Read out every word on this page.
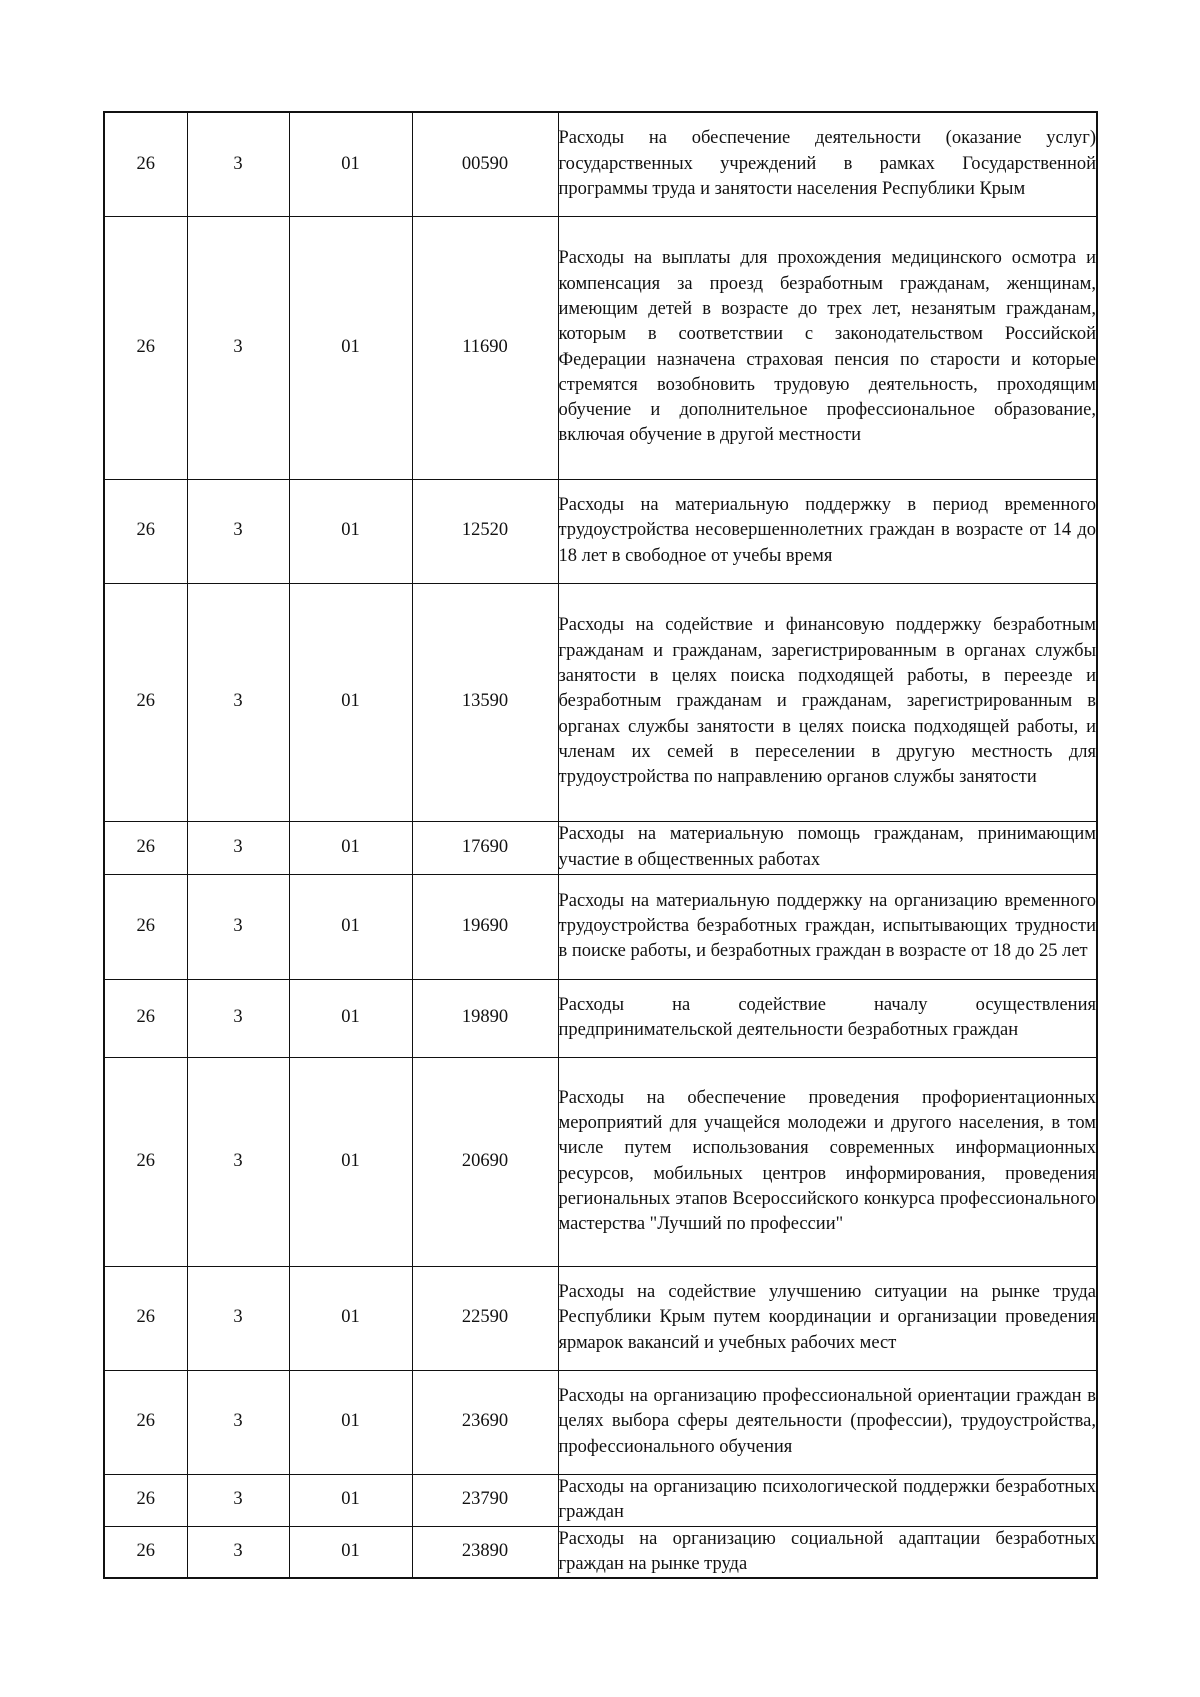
26	3	01	00590	Расходы на обеспечение деятельности (оказание услуг) государственных учреждений в рамках Государственной программы труда и занятости населения Республики Крым
26	3	01	11690	Расходы на выплаты для прохождения медицинского осмотра и компенсация за проезд безработным гражданам, женщинам, имеющим детей в возрасте до трех лет, незанятым гражданам, которым в соответствии с законодательством Российской Федерации назначена страховая пенсия по старости и которые стремятся возобновить трудовую деятельность, проходящим обучение и дополнительное профессиональное образование, включая обучение в другой местности
26	3	01	12520	Расходы на материальную поддержку в период временного трудоустройства несовершеннолетних граждан в возрасте от 14 до 18 лет в свободное от учебы время
26	3	01	13590	Расходы на содействие и финансовую поддержку безработным гражданам и гражданам, зарегистрированным в органах службы занятости в целях поиска подходящей работы, в переезде и безработным гражданам и гражданам, зарегистрированным в органах службы занятости в целях поиска подходящей работы, и членам их семей в переселении в другую местность для трудоустройства по направлению органов службы занятости
26	3	01	17690	Расходы на материальную помощь гражданам, принимающим участие в общественных работах
26	3	01	19690	Расходы на материальную поддержку на организацию временного трудоустройства безработных граждан, испытывающих трудности в поиске работы, и безработных граждан в возрасте от 18 до 25 лет
26	3	01	19890	Расходы на содействие началу осуществления предпринимательской деятельности безработных граждан
26	3	01	20690	Расходы на обеспечение проведения профориентационных мероприятий для учащейся молодежи и другого населения, в том числе путем использования современных информационных ресурсов, мобильных центров информирования, проведения региональных этапов Всероссийского конкурса профессионального мастерства "Лучший по профессии"
26	3	01	22590	Расходы на содействие улучшению ситуации на рынке труда Республики Крым путем координации и организации проведения ярмарок вакансий и учебных рабочих мест
26	3	01	23690	Расходы на организацию профессиональной ориентации граждан в целях выбора сферы деятельности (профессии), трудоустройства, профессионального обучения
26	3	01	23790	Расходы на организацию психологической поддержки безработных граждан
26	3	01	23890	Расходы на организацию социальной адаптации безработных граждан на рынке труда
